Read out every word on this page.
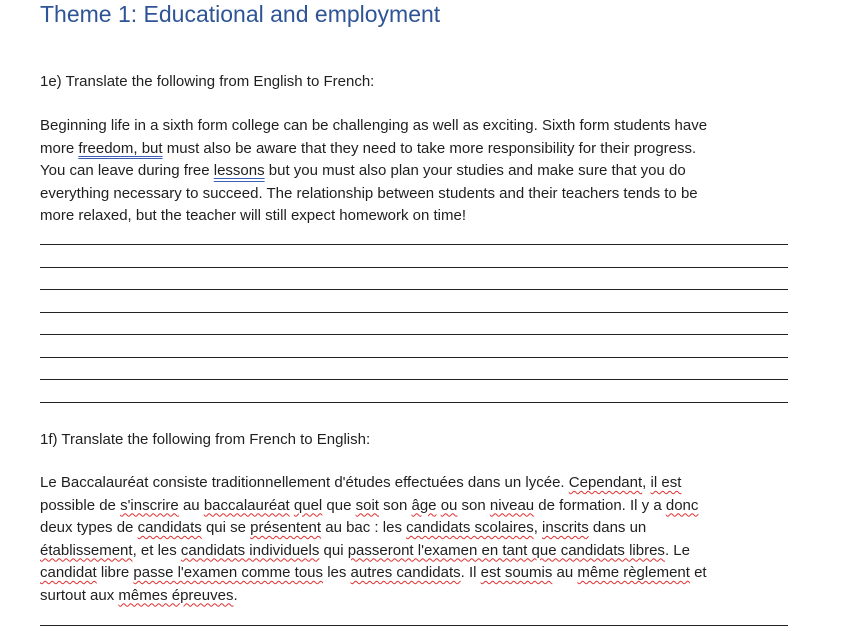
Theme 1: Educational and employment
1e) Translate the following from English to French:
Beginning life in a sixth form college can be challenging as well as exciting. Sixth form students have
more freedom, but must also be aware that they need to take more responsibility for their progress.
You can leave during free lessons but you must also plan your studies and make sure that you do
everything necessary to succeed. The relationship between students and their teachers tends to be
more relaxed, but the teacher will still expect homework on time!
1f) Translate the following from French to English:
Le Baccalauréat consiste traditionnellement d'études effectuées dans un lycée. Cependant, il est
possible de s'inscrire au baccalauréat quel que soit son âge ou son niveau de formation. Il y a donc
deux types de candidats qui se présentent au bac : les candidats scolaires, inscrits dans un
établissement, et les candidats individuels qui passeront l'examen en tant que candidats libres. Le
candidat libre passe l'examen comme tous les autres candidats. Il est soumis au même règlement et
surtout aux mêmes épreuves.
